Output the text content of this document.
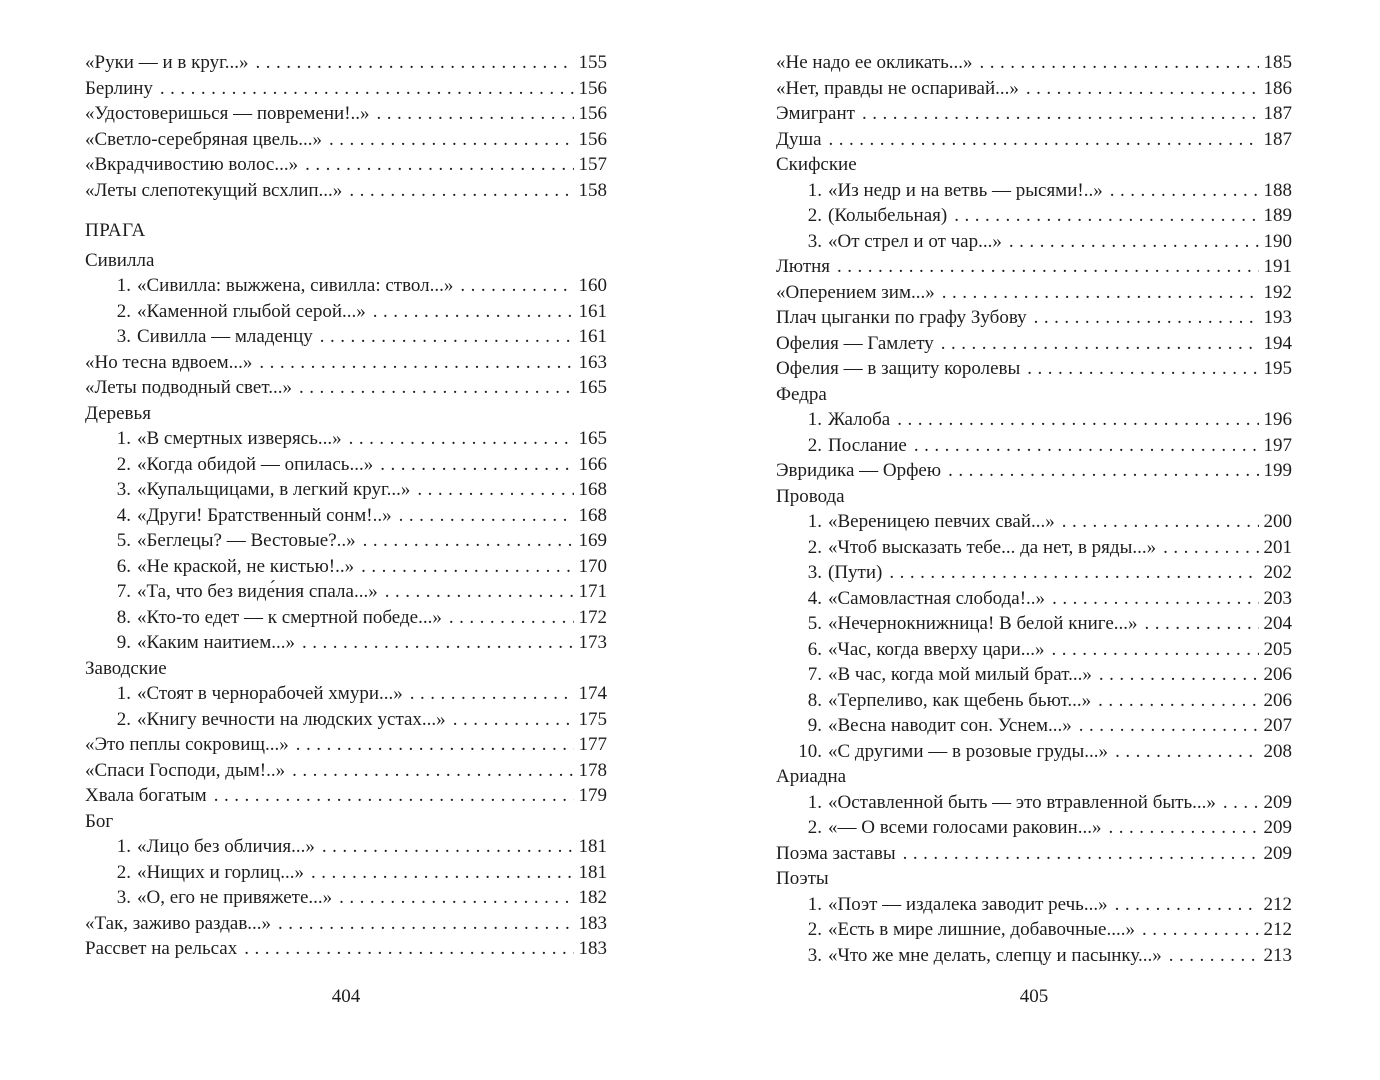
«Руки — и в круг...» .....	155
Берлину .....	156
«Удостоверишься — повремени!..» .....	156
«Светло-серебряная цвель...» .....	156
«Вкрадчивостию волос...» .....	157
«Леты слепотекущий всхлип...» .....	158
ПРАГА
Сивилла
1. «Сивилла: выжжена, сивилла: ствол...» .....	160
2. «Каменной глыбой серой...» .....	161
3. Сивилла — младенцу .....	161
«Но тесна вдвоем...» .....	163
«Леты подводный свет...» .....	165
Деревья
1. «В смертных изверясь...» .....	165
2. «Когда обидой — опилась...» .....	166
3. «Купальщицами, в легкий круг...» .....	168
4. «Други! Братственный сонм!..» .....	168
5. «Беглецы? — Вестовые?..» .....	169
6. «Не краской, не кистью!..» .....	170
7. «Та, что без виде́ния спала...» .....	171
8. «Кто-то едет — к смертной победе...» .....	172
9. «Каким наитием...» .....	173
Заводские
1. «Стоят в чернорабочей хмури...» .....	174
2. «Книгу вечности на людских устах...» .....	175
«Это пеплы сокровищ...» .....	177
«Спаси Господи, дым!..» .....	178
Хвала богатым .....	179
Бог
1. «Лицо без обличия...» .....	181
2. «Нищих и горлиц...» .....	181
3. «О, его не привяжете...» .....	182
«Так, заживо раздав...» .....	183
Рассвет на рельсах .....	183
«Не надо ее окликать...» .....	185
«Нет, правды не оспаривай...» .....	186
Эмигрант .....	187
Душа .....	187
Скифские
1. «Из недр и на ветвь — рысями!..» .....	188
2. (Колыбельная) .....	189
3. «От стрел и от чар...» .....	190
Лютня .....	191
«Оперением зим...» .....	192
Плач цыганки по графу Зубову .....	193
Офелия — Гамлету .....	194
Офелия — в защиту королевы .....	195
Федра
1. Жалоба .....	196
2. Послание .....	197
Эвридика — Орфею .....	199
Провода
1. «Вереницею певчих свай...» .....	200
2. «Чтоб высказать тебе... да нет, в ряды...» .....	201
3. (Пути) .....	202
4. «Самовластная слобода!..» .....	203
5. «Нечернокнижница! В белой книге...» .....	204
6. «Час, когда вверху цари...» .....	205
7. «В час, когда мой милый брат...» .....	206
8. «Терпеливо, как щебень бьют...» .....	206
9. «Весна наводит сон. Уснем...» .....	207
10. «С другими — в розовые груды...» .....	208
Ариадна
1. «Оставленной быть — это втравленной быть...» .....	209
2. «— О всеми голосами раковин...» .....	209
Поэма заставы .....	209
Поэты
1. «Поэт — издалека заводит речь...» .....	212
2. «Есть в мире лишние, добавочные....» .....	212
3. «Что же мне делать, слепцу и пасынку...» .....	213
404	405
